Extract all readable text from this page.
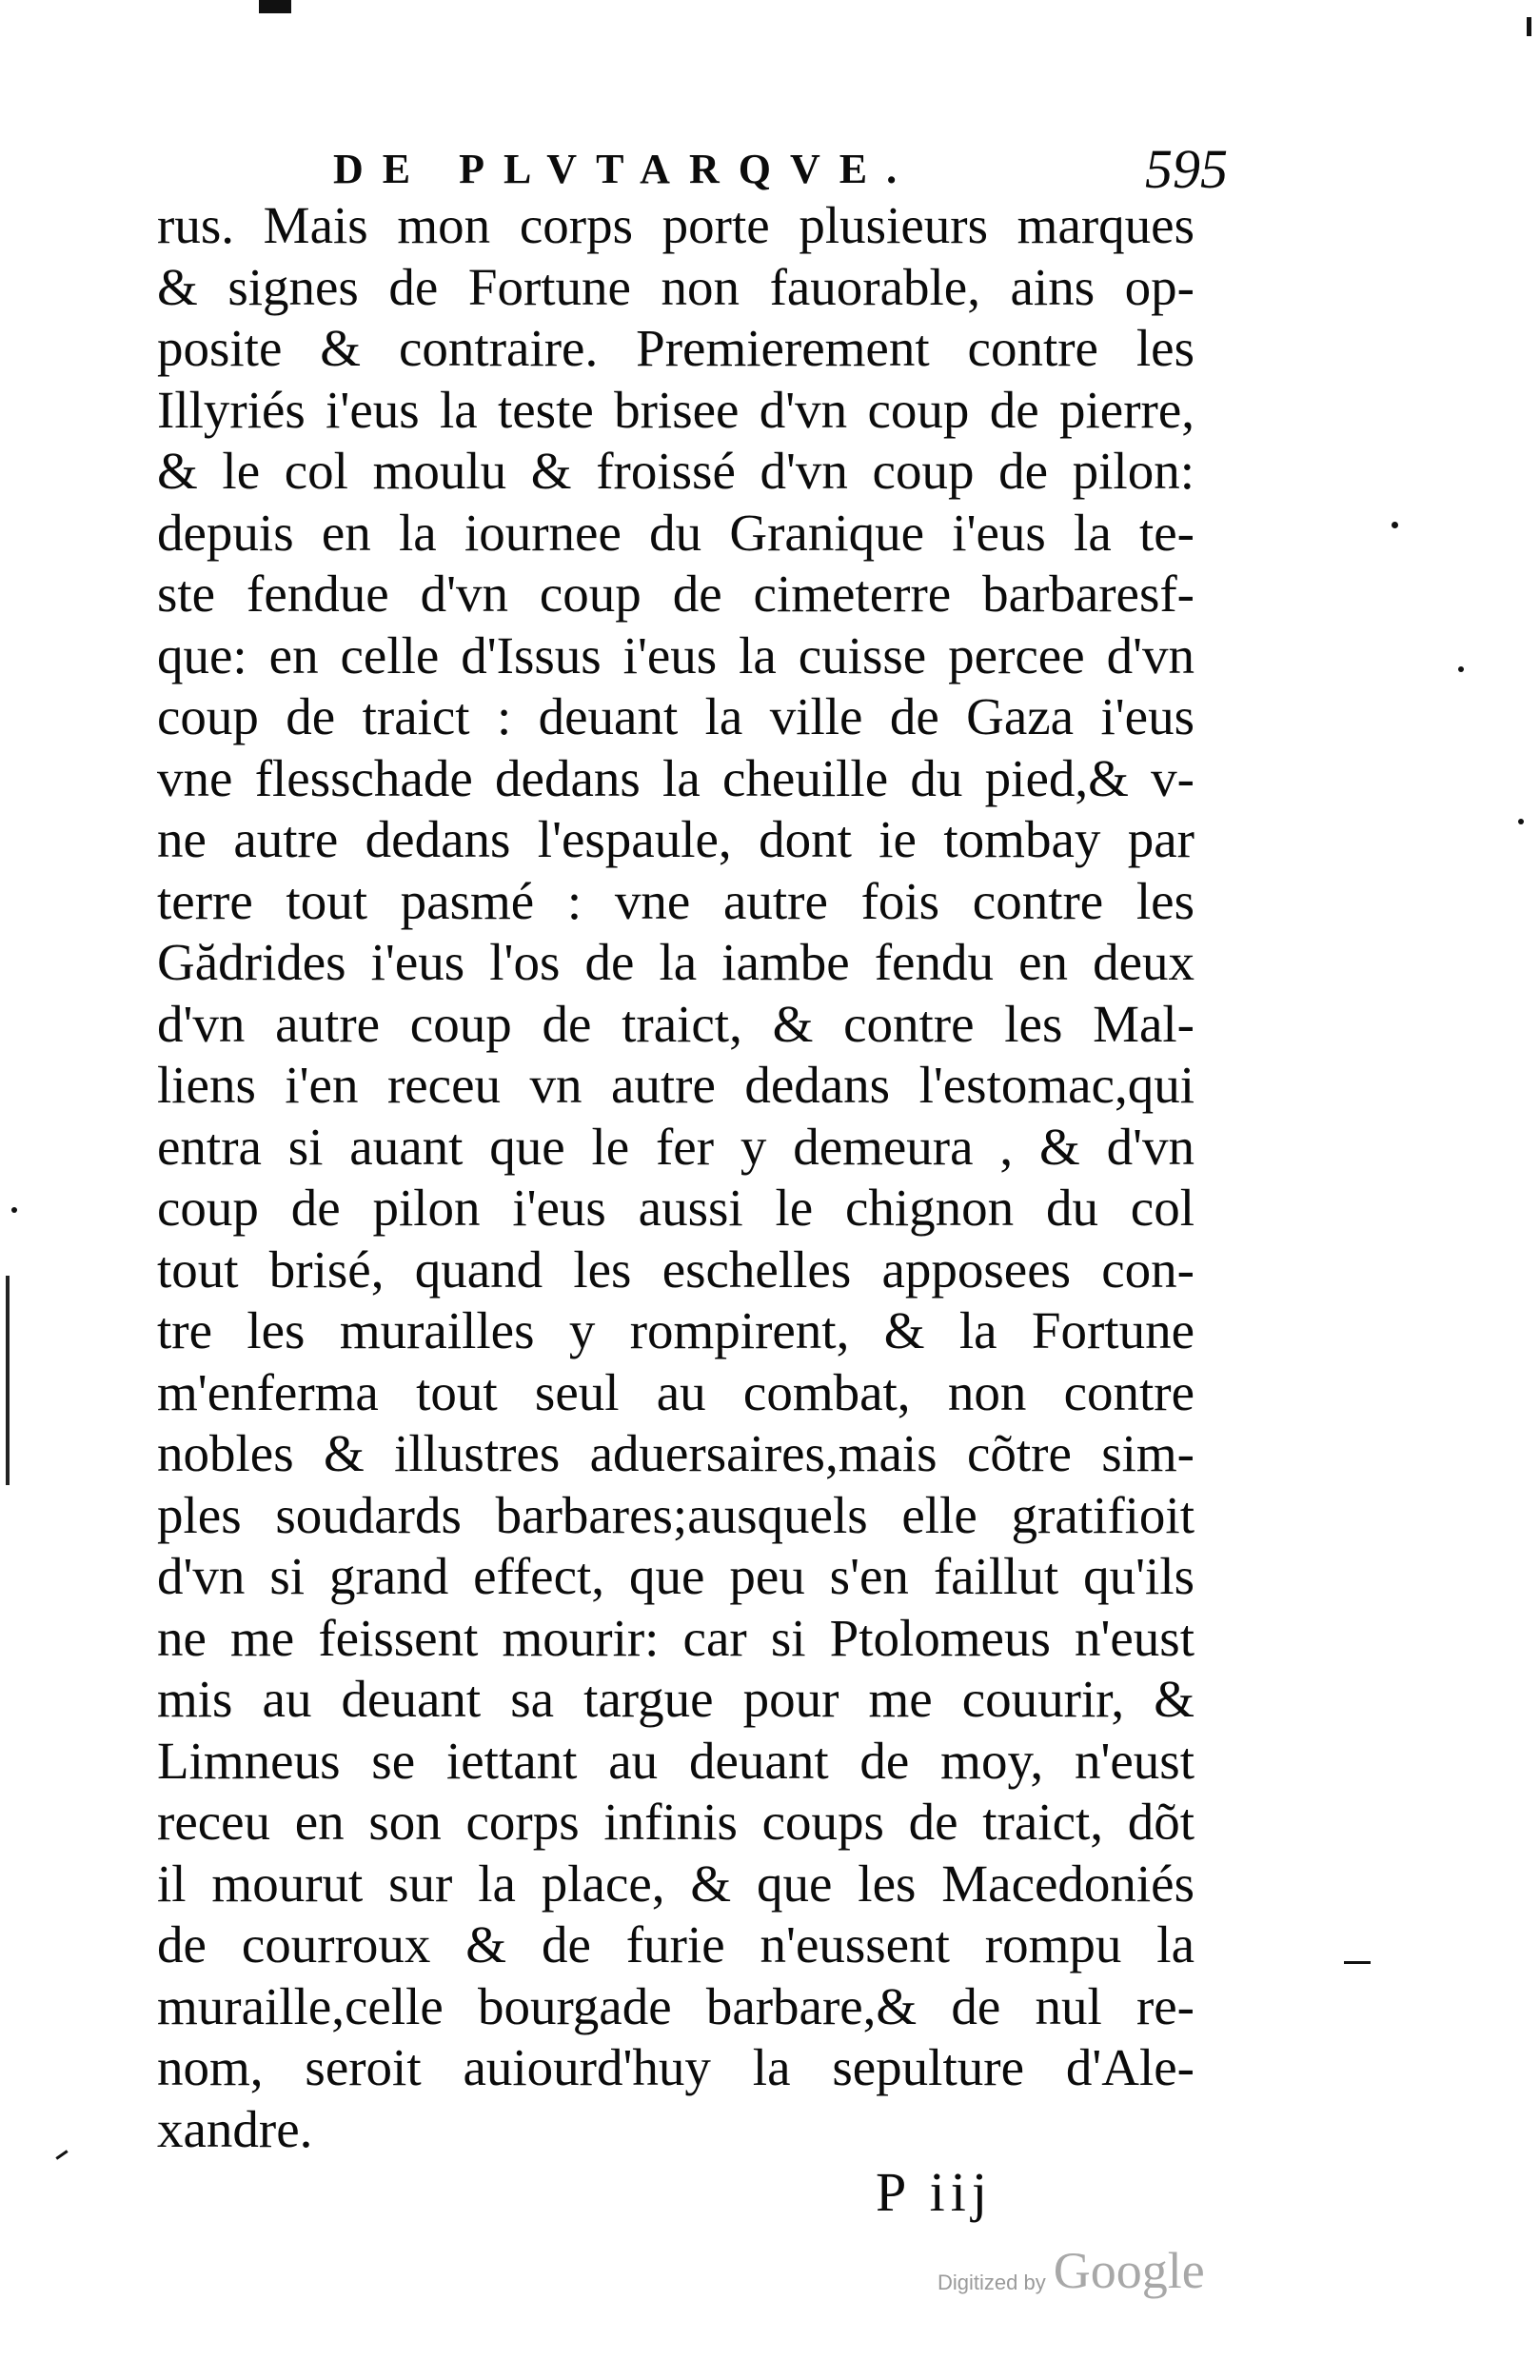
DE PLVTARQVE.	595
rus. Mais mon corps porte plusieurs marques
& signes de Fortune non fauorable, ains op-
posite & contraire. Premierement contre les
Illyriés i'eus la teste brisee d'vn coup de pierre,
& le col moulu & froissé d'vn coup de pilon:
depuis en la iournee du Granique i'eus la te-
ste fendue d'vn coup de cimeterre barbaresf-
que: en celle d'Issus i'eus la cuisse percee d'vn
coup de traict : deuant la ville de Gaza i'eus
vne flesschade dedans la cheuille du pied,& v-
ne autre dedans l'espaule, dont ie tombay par
terre tout pasmé : vne autre fois contre les
Gădrides i'eus l'os de la iambe fendu en deux
d'vn autre coup de traict, & contre les Mal-
liens i'en receu vn autre dedans l'estomac,qui
entra si auant que le fer y demeura , & d'vn
coup de pilon i'eus aussi le chignon du col
tout brisé, quand les eschelles apposees con-
tre les murailles y rompirent, & la Fortune
m'enferma tout seul au combat, non contre
nobles & illustres aduersaires,mais cõtre sim-
ples soudards barbares;ausquels elle gratifioit
d'vn si grand effect, que peu s'en faillut qu'ils
ne me feissent mourir: car si Ptolomeus n'eust
mis au deuant sa targue pour me couurir, &
Limneus se iettant au deuant de moy, n'eust
receu en son corps infinis coups de traict, dõt
il mourut sur la place, & que les Macedoniés
de courroux & de furie n'eussent rompu la
muraille,celle bourgade barbare,& de nul re-
nom, seroit auiourd'huy la sepulture d'Ale-
xandre.
P iij
Digitized by Google
